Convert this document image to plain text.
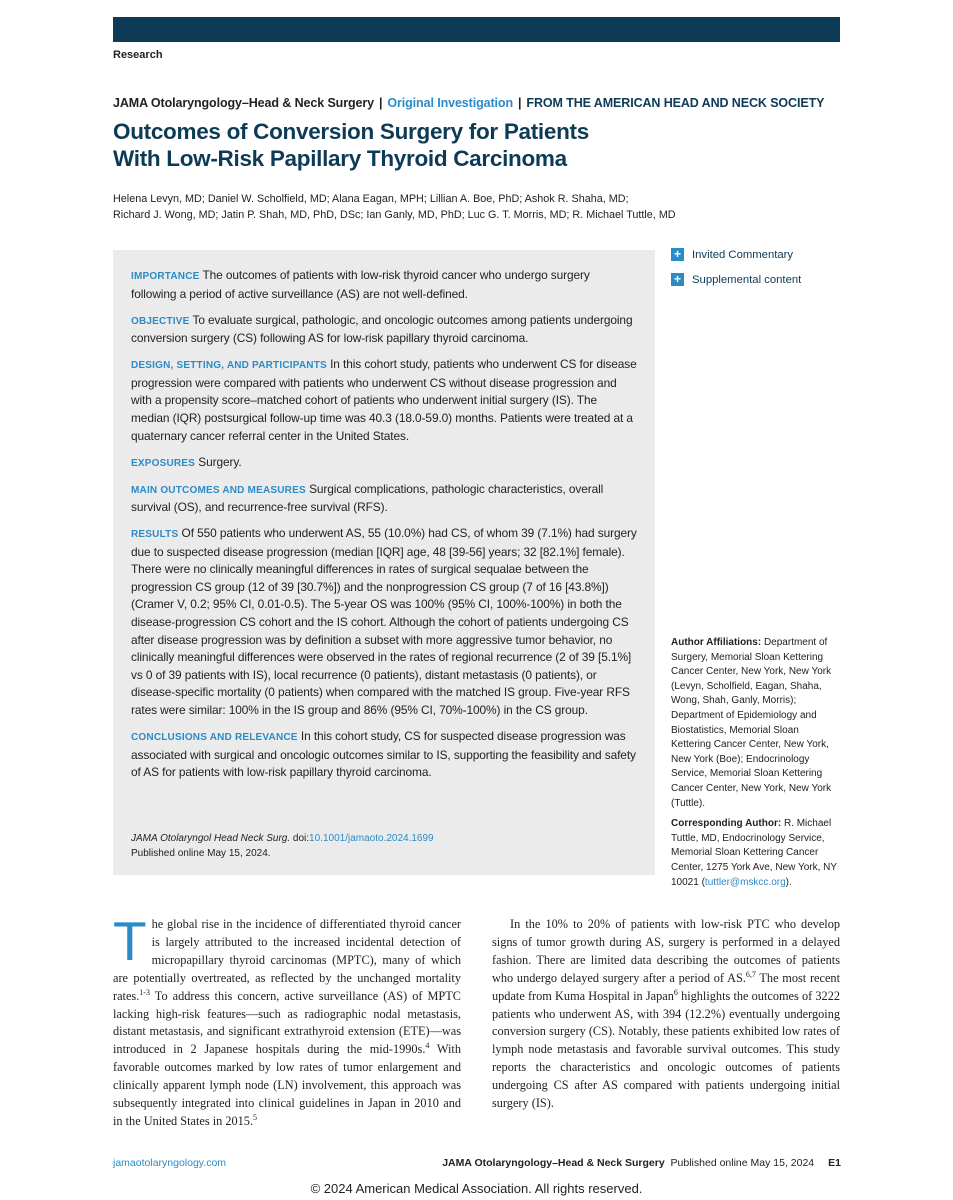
Research
JAMA Otolaryngology–Head & Neck Surgery | Original Investigation | FROM THE AMERICAN HEAD AND NECK SOCIETY
Outcomes of Conversion Surgery for Patients
With Low-Risk Papillary Thyroid Carcinoma
Helena Levyn, MD; Daniel W. Scholfield, MD; Alana Eagan, MPH; Lillian A. Boe, PhD; Ashok R. Shaha, MD;
Richard J. Wong, MD; Jatin P. Shah, MD, PhD, DSc; Ian Ganly, MD, PhD; Luc G. T. Morris, MD; R. Michael Tuttle, MD

IMPORTANCE The outcomes of patients with low-risk thyroid cancer who undergo surgery following a period of active surveillance (AS) are not well-defined.

OBJECTIVE To evaluate surgical, pathologic, and oncologic outcomes among patients undergoing conversion surgery (CS) following AS for low-risk papillary thyroid carcinoma.

DESIGN, SETTING, AND PARTICIPANTS In this cohort study, patients who underwent CS for disease progression were compared with patients who underwent CS without disease progression and with a propensity score–matched cohort of patients who underwent initial surgery (IS). The median (IQR) postsurgical follow-up time was 40.3 (18.0-59.0) months. Patients were treated at a quaternary cancer referral center in the United States.

EXPOSURES Surgery.

MAIN OUTCOMES AND MEASURES Surgical complications, pathologic characteristics, overall survival (OS), and recurrence-free survival (RFS).

RESULTS Of 550 patients who underwent AS, 55 (10.0%) had CS, of whom 39 (7.1%) had surgery due to suspected disease progression (median [IQR] age, 48 [39-56] years; 32 [82.1%] female). There were no clinically meaningful differences in rates of surgical sequalae between the progression CS group (12 of 39 [30.7%]) and the nonprogression CS group (7 of 16 [43.8%]) (Cramer V, 0.2; 95% CI, 0.01-0.5). The 5-year OS was 100% (95% CI, 100%-100%) in both the disease-progression CS cohort and the IS cohort. Although the cohort of patients undergoing CS after disease progression was by definition a subset with more aggressive tumor behavior, no clinically meaningful differences were observed in the rates of regional recurrence (2 of 39 [5.1%] vs 0 of 39 patients with IS), local recurrence (0 patients), distant metastasis (0 patients), or disease-specific mortality (0 patients) when compared with the matched IS group. Five-year RFS rates were similar: 100% in the IS group and 86% (95% CI, 70%-100%) in the CS group.

CONCLUSIONS AND RELEVANCE In this cohort study, CS for suspected disease progression was associated with surgical and oncologic outcomes similar to IS, supporting the feasibility and safety of AS for patients with low-risk papillary thyroid carcinoma.

JAMA Otolaryngol Head Neck Surg. doi:10.1001/jamaoto.2024.1699
Published online May 15, 2024.
+ Invited Commentary
+ Supplemental content

Author Affiliations: Department of Surgery, Memorial Sloan Kettering Cancer Center, New York, New York (Levyn, Scholfield, Eagan, Shaha, Wong, Shah, Ganly, Morris); Department of Epidemiology and Biostatistics, Memorial Sloan Kettering Cancer Center, New York, New York (Boe); Endocrinology Service, Memorial Sloan Kettering Cancer Center, New York, New York (Tuttle).

Corresponding Author: R. Michael Tuttle, MD, Endocrinology Service, Memorial Sloan Kettering Cancer Center, 1275 York Ave, New York, NY 10021 (tuttler@mskcc.org).

The global rise in the incidence of differentiated thyroid cancer is largely attributed to the increased incidental detection of micropapillary thyroid carcinomas (MPTC), many of which are potentially overtreated, as reflected by the unchanged mortality rates.$^{1-3}$ To address this concern, active surveillance (AS) of MPTC lacking high-risk features—such as radiographic nodal metastasis, distant metastasis, and significant extrathyroid extension (ETE)—was introduced in 2 Japanese hospitals during the mid-1990s.$^4$ With favorable outcomes marked by low rates of tumor enlargement and clinically apparent lymph node (LN) involvement, this approach was subsequently integrated into clinical guidelines in Japan in 2010 and in the United States in 2015.$^5$
In the 10% to 20% of patients with low-risk PTC who develop signs of tumor growth during AS, surgery is performed in a delayed fashion. There are limited data describing the outcomes of patients who undergo delayed surgery after a period of AS.$^{6,7}$ The most recent update from Kuma Hospital in Japan$^6$ highlights the outcomes of 3222 patients who underwent AS, with 394 (12.2%) eventually undergoing conversion surgery (CS). Notably, these patients exhibited low rates of lymph node metastasis and favorable survival outcomes. This study reports the characteristics and oncologic outcomes of patients undergoing CS after AS compared with patients undergoing initial surgery (IS).
jamaotolaryngology.com	JAMA Otolaryngology–Head & Neck Surgery Published online May 15, 2024 E1
© 2024 American Medical Association. All rights reserved.
